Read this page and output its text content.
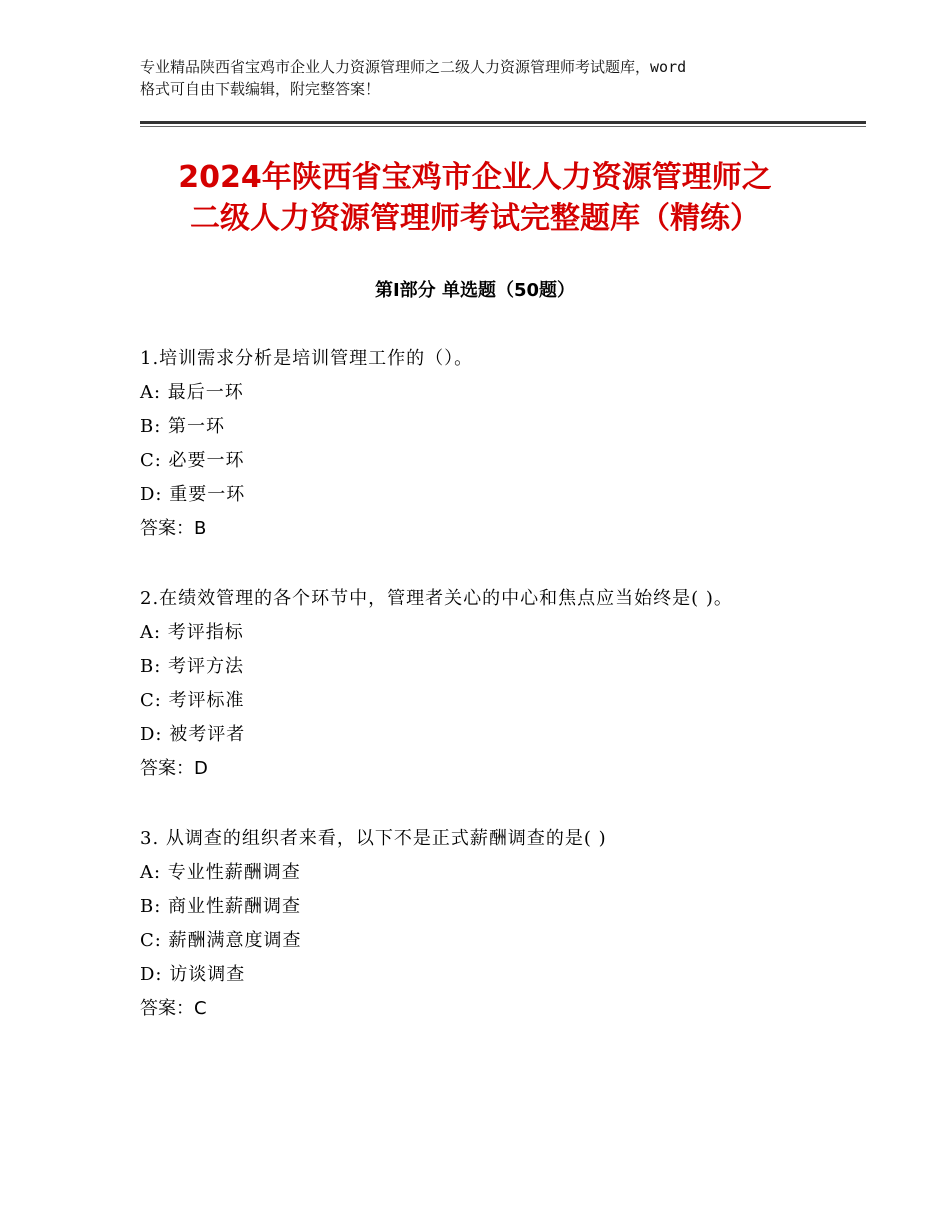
专业精品陕西省宝鸡市企业人力资源管理师之二级人力资源管理师考试题库，word
格式可自由下载编辑，附完整答案！
2024年陕西省宝鸡市企业人力资源管理师之
二级人力资源管理师考试完整题库（精练）
第Ⅰ部分 单选题（50题）
1.培训需求分析是培训管理工作的（）。
A: 最后一环
B: 第一环
C: 必要一环
D: 重要一环
答案：B
2.在绩效管理的各个环节中，管理者关心的中心和焦点应当始终是( )。
A: 考评指标
B: 考评方法
C: 考评标准
D: 被考评者
答案：D
3. 从调查的组织者来看，以下不是正式薪酬调查的是( )
A: 专业性薪酬调查
B: 商业性薪酬调查
C: 薪酬满意度调查
D: 访谈调查
答案：C
